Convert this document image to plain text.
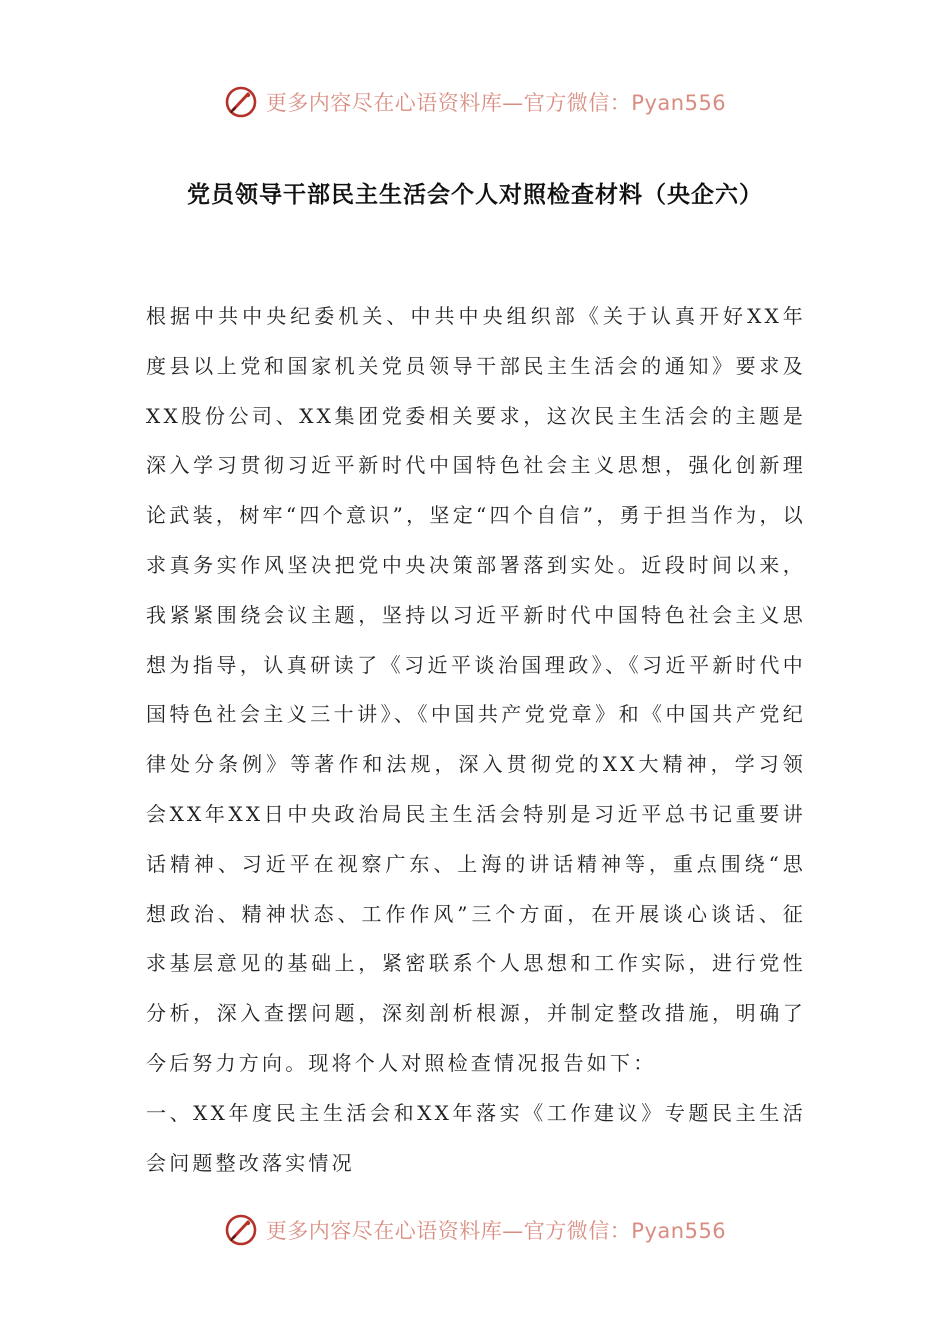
更多内容尽在心语资料库—官方微信：Pyan556
党员领导干部民主生活会个人对照检查材料（央企六）

根据中共中央纪委机关、中共中央组织部《关于认真开好XX年度县以上党和国家机关党员领导干部民主生活会的通知》要求及XX股份公司、XX集团党委相关要求，这次民主生活会的主题是深入学习贯彻习近平新时代中国特色社会主义思想，强化创新理论武装，树牢“四个意识”，坚定“四个自信”，勇于担当作为，以求真务实作风坚决把党中央决策部署落到实处。近段时间以来，我紧紧围绕会议主题，坚持以习近平新时代中国特色社会主义思想为指导，认真研读了《习近平谈治国理政》、《习近平新时代中国特色社会主义三十讲》、《中国共产党党章》和《中国共产党纪律处分条例》等著作和法规，深入贯彻党的XX大精神，学习领会XX年XX日中央政治局民主生活会特别是习近平总书记重要讲话精神、习近平在视察广东、上海的讲话精神等，重点围绕“思想政治、精神状态、工作作风”三个方面，在开展谈心谈话、征求基层意见的基础上，紧密联系个人思想和工作实际，进行党性分析，深入查摆问题，深刻剖析根源，并制定整改措施，明确了今后努力方向。现将个人对照检查情况报告如下：

一、XX年度民主生活会和XX年落实《工作建议》专题民主生活会问题整改落实情况

更多内容尽在心语资料库—官方微信：Pyan556
